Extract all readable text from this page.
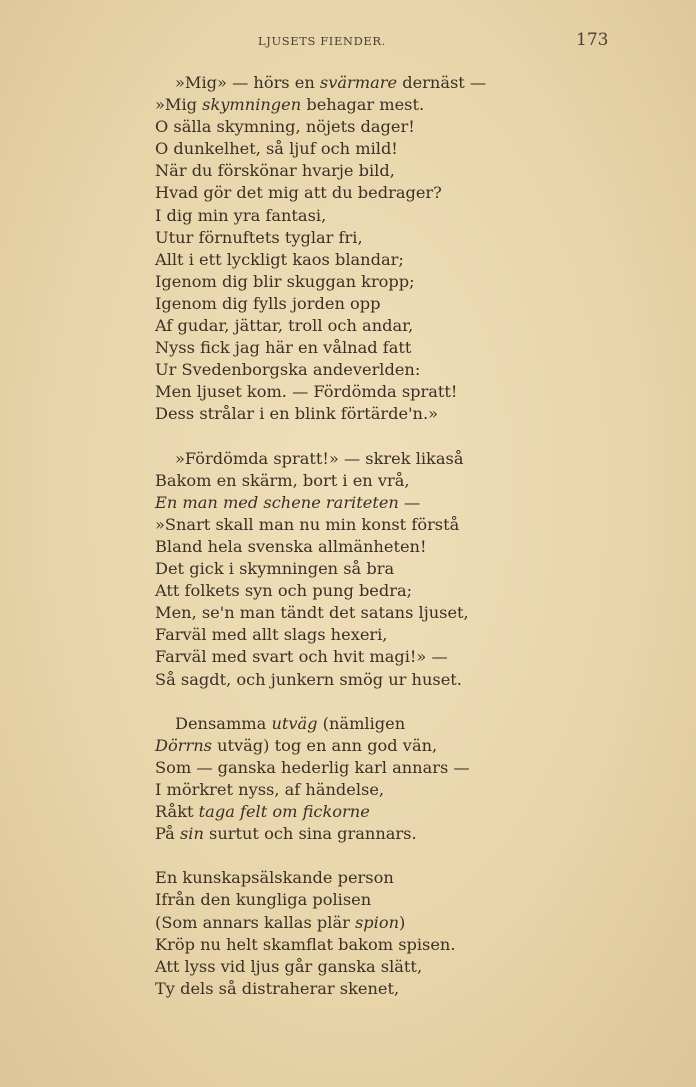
LJUSETS FIENDER.	173
»Mig» — hörs en svärmare dernäst —
»Mig skymningen behagar mest.
O sälla skymning, nöjets dager!
O dunkelhet, så ljuf och mild!
När du förskönar hvarje bild,
Hvad gör det mig att du bedrager?
I dig min yra fantasi,
Utur förnuftets tyglar fri,
Allt i ett lyckligt kaos blandar;
Igenom dig blir skuggan kropp;
Igenom dig fylls jorden opp
Af gudar, jättar, troll och andar,
Nyss fick jag här en vålnad fatt
Ur Svedenborgska andeverlden:
Men ljuset kom. — Fördömda spratt!
Dess strålar i en blink förtärde'n.»
»Fördömda spratt!» — skrek likaså
Bakom en skärm, bort i en vrå,
En man med schene rariteten —
»Snart skall man nu min konst förstå
Bland hela svenska allmänheten!
Det gick i skymningen så bra
Att folkets syn och pung bedra;
Men, se'n man tändt det satans ljuset,
Farväl med allt slags hexeri,
Farväl med svart och hvit magi!» —
Så sagdt, och junkern smög ur huset.
Densamma utväg (nämligen
Dörrns utväg) tog en ann god vän,
Som — ganska hederlig karl annars —
I mörkret nyss, af händelse,
Råkt taga felt om fickorne
På sin surtut och sina grannars.
En kunskapsälskande person
Ifrån den kungliga polisen
(Som annars kallas plär spion)
Kröp nu helt skamflat bakom spisen.
Att lyss vid ljus går ganska slätt,
Ty dels så distraherar skenet,
